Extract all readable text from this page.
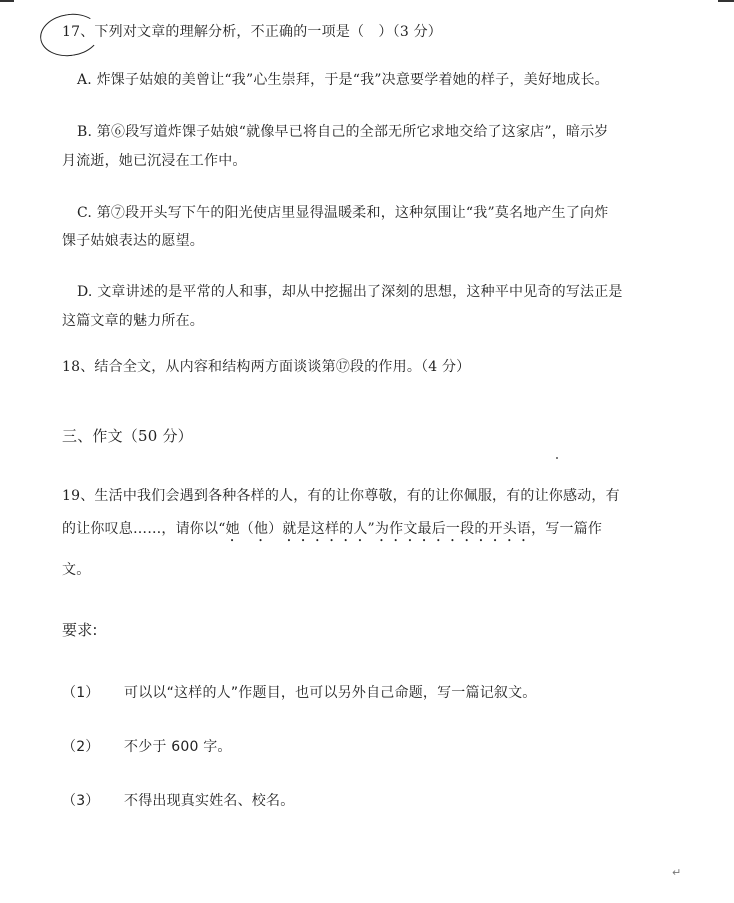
17、下列对文章的理解分析，不正确的一项是（　）（3 分）
A. 炸馃子姑娘的美曾让“我”心生崇拜，于是“我”决意要学着她的样子，美好地成长。
B. 第⑥段写道炸馃子姑娘“就像早已将自己的全部无所它求地交给了这家店”，暗示岁
月流逝，她已沉浸在工作中。
C. 第⑦段开头写下午的阳光使店里显得温暖柔和，这种氛围让“我”莫名地产生了向炸
馃子姑娘表达的愿望。
D. 文章讲述的是平常的人和事，却从中挖掘出了深刻的思想，这种平中见奇的写法正是
这篇文章的魅力所在。
18、结合全文，从内容和结构两方面谈谈第⑰段的作用。（4 分）
三、作文（50 分）
19、生活中我们会遇到各种各样的人，有的让你尊敬，有的让你佩服，有的让你感动，有
的让你叹息……，请你以“她（他）就是这样的人”为作文最后一段的开头语，写一篇作
文。
要求:
（1） 可以以“这样的人”作题目，也可以另外自己命题，写一篇记叙文。
（2） 不少于 600 字。
（3） 不得出现真实姓名、校名。
↵
